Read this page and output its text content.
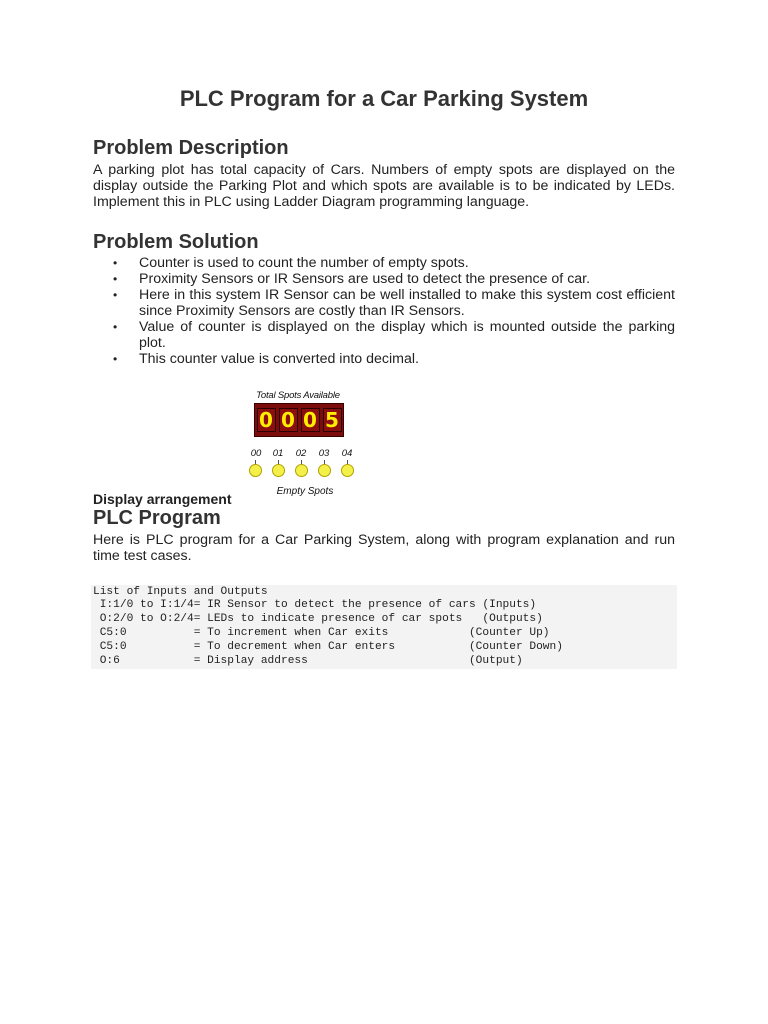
PLC Program for a Car Parking System
Problem Description
A parking plot has total capacity of Cars. Numbers of empty spots are displayed on the display outside the Parking Plot and which spots are available is to be indicated by LEDs. Implement this in PLC using Ladder Diagram programming language.
Problem Solution
• Counter is used to count the number of empty spots.
• Proximity Sensors or IR Sensors are used to detect the presence of car.
• Here in this system IR Sensor can be well installed to make this system cost efficient since Proximity Sensors are costly than IR Sensors.
• Value of counter is displayed on the display which is mounted outside the parking plot.
• This counter value is converted into decimal.
Total Spots Available
0 0 0 5
00	01	02	03	04
Empty Spots
Display arrangement
PLC Program
Here is PLC program for a Car Parking System, along with program explanation and run time test cases.
List of Inputs and Outputs
I:1/0 to I:1/4= IR Sensor to detect the presence of cars (Inputs)
O:2/0 to O:2/4= LEDs to indicate presence of car spots   (Outputs)
C5:0          = To increment when Car exits            (Counter Up)
C5:0          = To decrement when Car enters           (Counter Down)
O:6           = Display address                        (Output)
